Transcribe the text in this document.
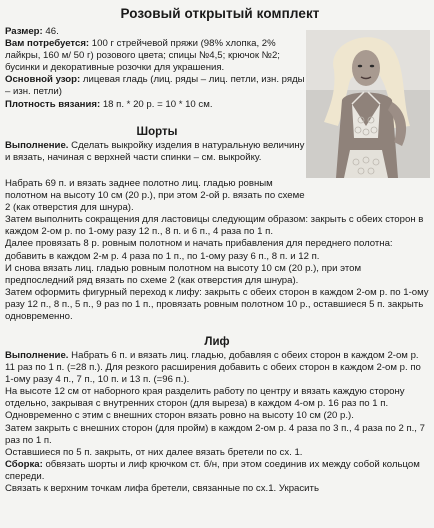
Розовый открытый комплект

Размер: 46.

Вам потребуется: 100 г стрейчевой пряжи (98% хлопка, 2% лайкры, 160 м/ 50 г) розового цвета; спицы №4,5; крючок №2; бусинки и декоративные розочки для украшения.

Основной узор: лицевая гладь (лиц. ряды – лиц. петли, изн. ряды – изн. петли)

Плотность вязания: 18 п. * 20 р. = 10 * 10 см.

Шорты

Выполнение. Сделать выкройку изделия в натуральную величину и вязать, начиная с верхней части спинки – см. выкройку.

Набрать 69 п. и вязать заднее полотно лиц. гладью ровным полотном на высоту 10 см (20 р.), при этом 2-ой р. вязать по схеме 2 (как отверстия для шнура).

Затем выполнить сокращения для ластовицы следующим образом: закрыть с обеих сторон в каждом 2-ом р. по 1-ому разу 12 п., 8 п. и 6 п., 4 раза по 1 п.

Далее провязать 8 р. ровным полотном и начать прибавления для переднего полотна: добавить в каждом 2-м р. 4 раза по 1 п., по 1-ому разу 6 п., 8 п. и 12 п.

И снова вязать лиц. гладью ровным полотном на высоту 10 см (20 р.), при этом предпоследний ряд вязать по схеме 2 (как отверстия для шнура).

Затем оформить фигурный переход к лифу: закрыть с обеих сторон в каждом 2-ом р. по 1-ому разу 12 п., 8 п., 5 п., 9 раз по 1 п., провязать ровным полотном 10 р., оставшиеся 5 п. закрыть одновременно.

Лиф

Выполнение. Набрать 6 п. и вязать лиц. гладью, добавляя с обеих сторон в каждом 2-ом р. 11 раз по 1 п. (=28 п.). Для резкого расширения добавить с обеих сторон в каждом 2-ом р. по 1-ому разу 4 п., 7 п., 10 п. и 13 п. (=96 п.).

На высоте 12 см от наборного края разделить работу по центру и вязать каждую сторону отдельно, закрывая с внутренних сторон (для выреза) в каждом 4-ом р. 16 раз по 1 п. Одновременно с этим с внешних сторон вязать ровно на высоту 10 см (20 р.).

Затем закрыть с внешних сторон (для пройм) в каждом 2-ом р. 4 раза по 3 п., 4 раза по 2 п., 7 раз по 1 п.

Оставшиеся по 5 п. закрыть, от них далее вязать бретели по сх. 1.

Сборка: обвязать шорты и лиф крючком ст. б/н, при этом соединив их между собой кольцом спереди.

Связать к верхним точкам лифа бретели, связанные по сх.1. Украсить
